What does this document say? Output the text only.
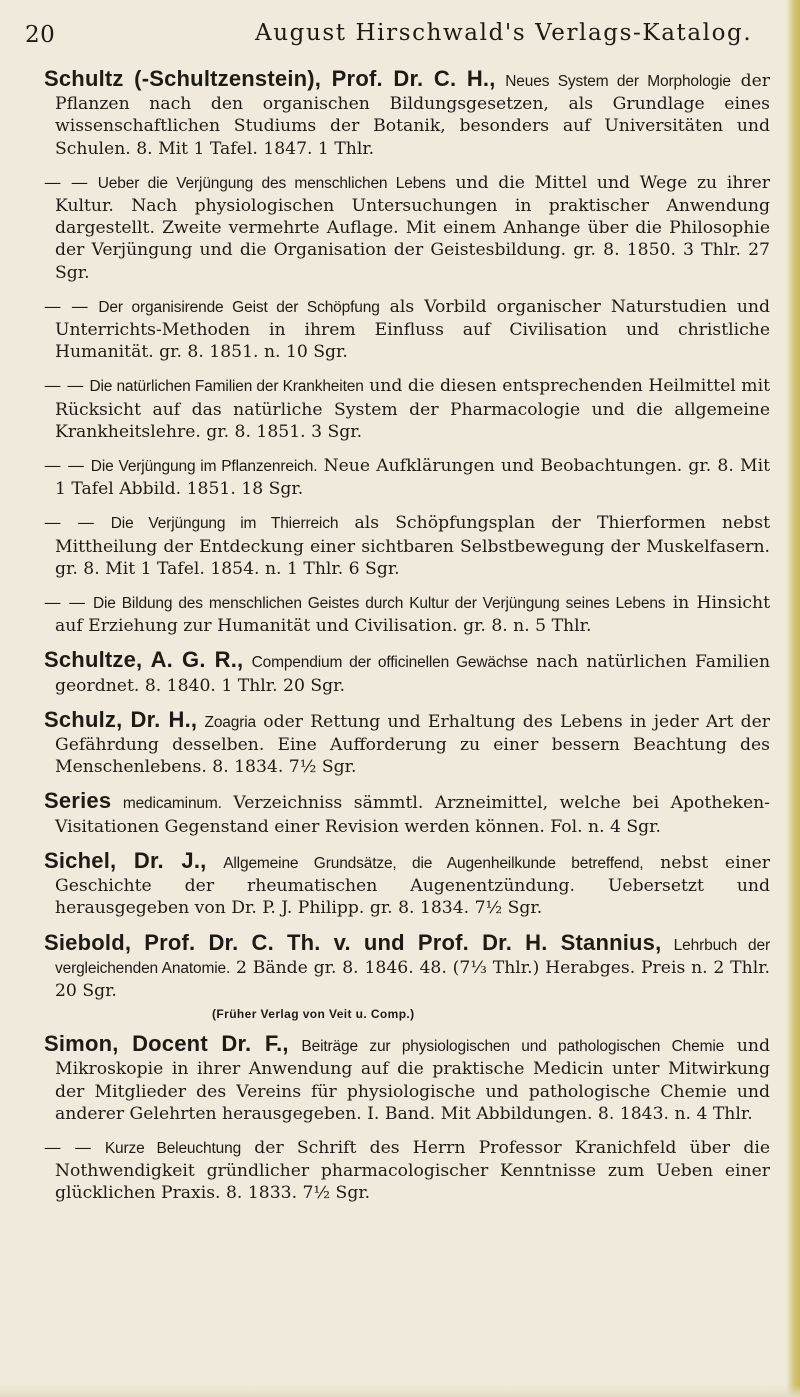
20	August Hirschwald's Verlags-Katalog.

Schultz (-Schultzenstein), Prof. Dr. C. H., Neues System der Morphologie der Pflanzen nach den organischen Bildungsgesetzen, als Grundlage eines wissenschaftlichen Studiums der Botanik, besonders auf Universitäten und Schulen. 8. Mit 1 Tafel. 1847. 1 Thlr.

— — Ueber die Verjüngung des menschlichen Lebens und die Mittel und Wege zu ihrer Kultur. Nach physiologischen Untersuchungen in praktischer Anwendung dargestellt. Zweite vermehrte Auflage. Mit einem Anhange über die Philosophie der Verjüngung und die Organisation der Geistesbildung. gr. 8. 1850. 3 Thlr. 27 Sgr.

— — Der organisirende Geist der Schöpfung als Vorbild organischer Naturstudien und Unterrichts-Methoden in ihrem Einfluss auf Civilisation und christliche Humanität. gr. 8. 1851. n. 10 Sgr.

— — Die natürlichen Familien der Krankheiten und die diesen entsprechenden Heilmittel mit Rücksicht auf das natürliche System der Pharmacologie und die allgemeine Krankheitslehre. gr. 8. 1851. 3 Sgr.

— — Die Verjüngung im Pflanzenreich. Neue Aufklärungen und Beobachtungen. gr. 8. Mit 1 Tafel Abbild. 1851. 18 Sgr.

— — Die Verjüngung im Thierreich als Schöpfungsplan der Thierformen nebst Mittheilung der Entdeckung einer sichtbaren Selbstbewegung der Muskelfasern. gr. 8. Mit 1 Tafel. 1854. n. 1 Thlr. 6 Sgr.

— — Die Bildung des menschlichen Geistes durch Kultur der Verjüngung seines Lebens in Hinsicht auf Erziehung zur Humanität und Civilisation. gr. 8. n. 5 Thlr.

Schultze, A. G. R., Compendium der officinellen Gewächse nach natürlichen Familien geordnet. 8. 1840. 1 Thlr. 20 Sgr.

Schulz, Dr. H., Zoagria oder Rettung und Erhaltung des Lebens in jeder Art der Gefährdung desselben. Eine Aufforderung zu einer bessern Beachtung des Menschenlebens. 8. 1834. 7½ Sgr.

Series medicaminum. Verzeichniss sämmtl. Arzneimittel, welche bei Apotheken-Visitationen Gegenstand einer Revision werden können. Fol. n. 4 Sgr.

Sichel, Dr. J., Allgemeine Grundsätze, die Augenheilkunde betreffend, nebst einer Geschichte der rheumatischen Augenentzündung. Uebersetzt und herausgegeben von Dr. P. J. Philipp. gr. 8. 1834. 7½ Sgr.

Siebold, Prof. Dr. C. Th. v. und Prof. Dr. H. Stannius, Lehrbuch der vergleichenden Anatomie. 2 Bände gr. 8. 1846. 48. (7⅓ Thlr.) Herabges. Preis n. 2 Thlr. 20 Sgr.

(Früher Verlag von Veit u. Comp.)

Simon, Docent Dr. F., Beiträge zur physiologischen und pathologischen Chemie und Mikroskopie in ihrer Anwendung auf die praktische Medicin unter Mitwirkung der Mitglieder des Vereins für physiologische und pathologische Chemie und anderer Gelehrten herausgegeben. I. Band. Mit Abbildungen. 8. 1843. n. 4 Thlr.

— — Kurze Beleuchtung der Schrift des Herrn Professor Kranichfeld über die Nothwendigkeit gründlicher pharmacologischer Kenntnisse zum Ueben einer glücklichen Praxis. 8. 1833. 7½ Sgr.
